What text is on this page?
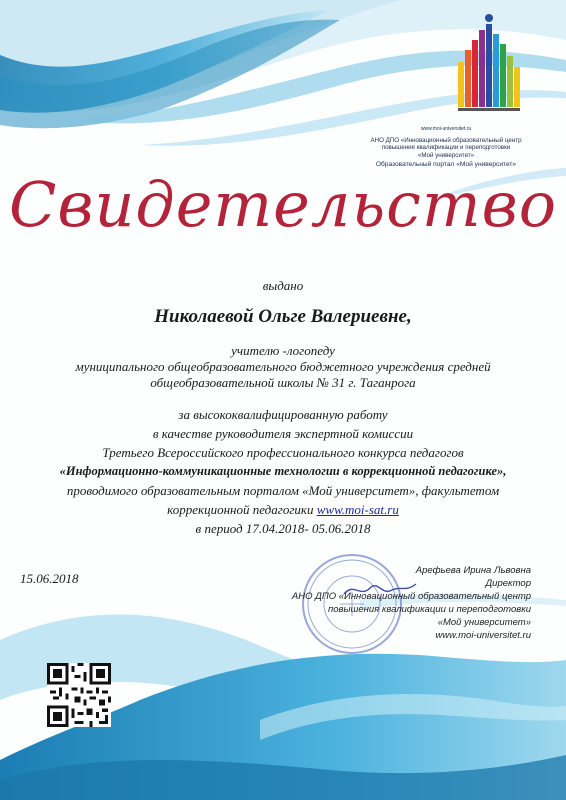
www.moi-universitet.ru
АНО ДПО «Инновационный образовательный центр
повышения квалификации и переподготовки
«Мой университет»
Образовательный портал «Мой университет»
Свидетельство
выдано
Николаевой Ольге Валериевне,
учителю -логопеду
муниципального общеобразовательного бюджетного учреждения средней
общеобразовательной школы № 31 г. Таганрога
за высококвалифицированную работу
в качестве руководителя экспертной комиссии
Третьего Всероссийского профессионального конкурса педагогов
«Информационно-коммуникационные технологии в коррекционной педагогике»,
проводимого образовательным порталом «Мой университет», факультетом
коррекционной педагогики www.moi-sat.ru
в период 17.04.2018- 05.06.2018
15.06.2018
Арефьева Ирина Львовна
Директор
АНО ДПО «Инновационный образовательный центр
повышения квалификации и переподготовки
«Мой университет»
www.moi-universitet.ru
